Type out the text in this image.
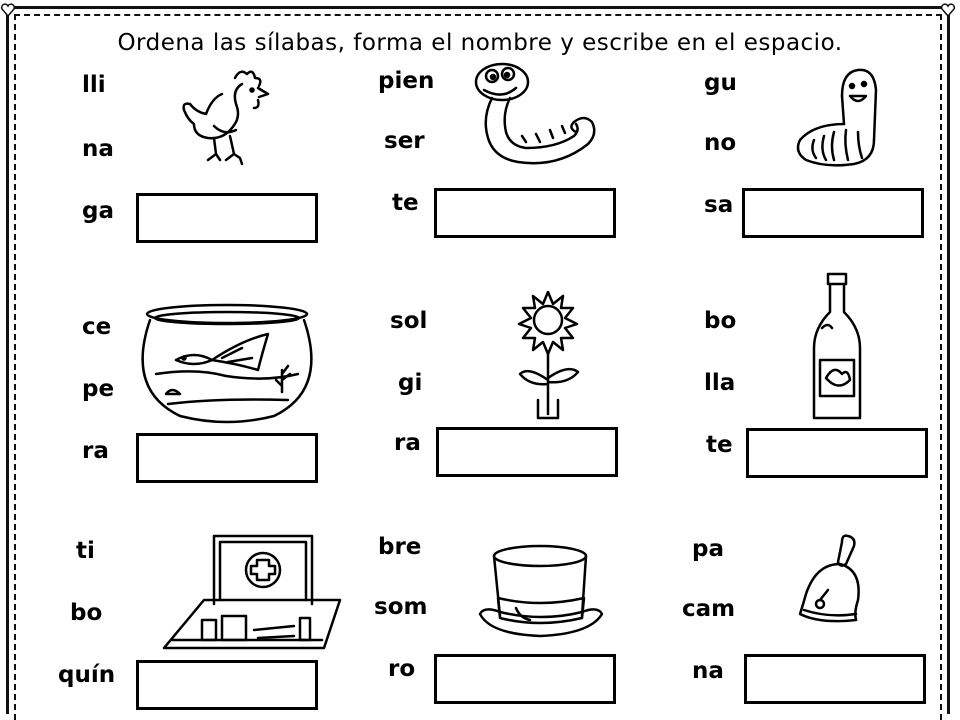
Ordena las sílabas, forma el nombre y escribe en el espacio.
lli
na
ga
pien
ser
te
gu
no
sa
ce
pe
ra
sol
gi
ra
bo
lla
te
ti
bo
quín
bre
som
ro
pa
cam
na
